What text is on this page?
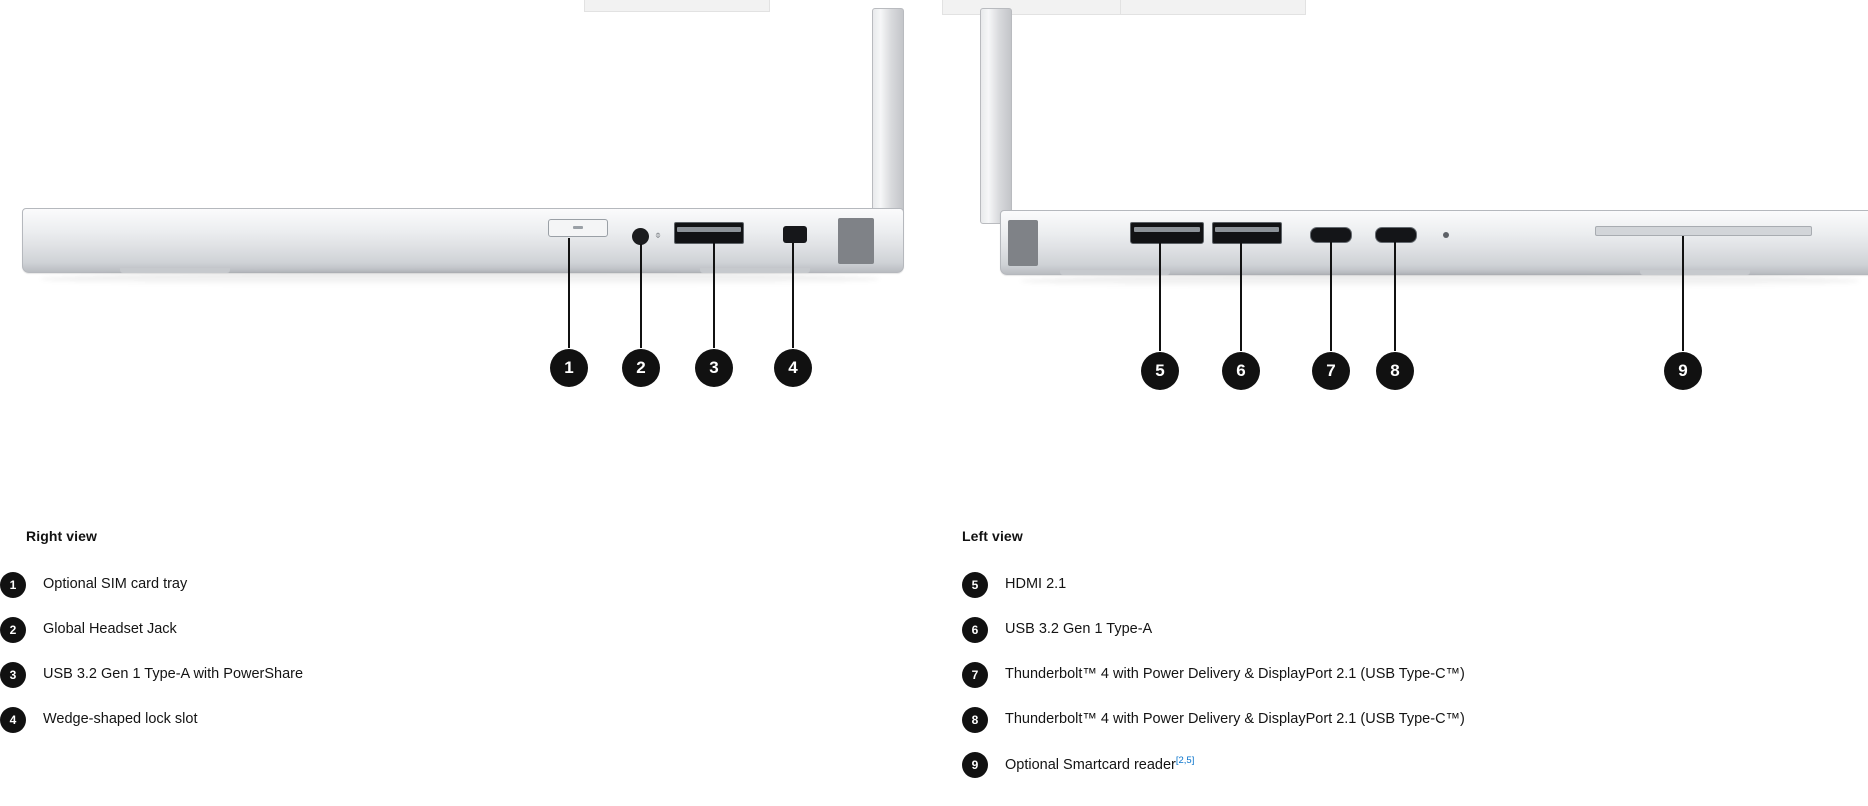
⌽
1	2	3	4	5	6	7	8	9
Right view
1	Optional SIM card tray
2	Global Headset Jack
3	USB 3.2 Gen 1 Type-A with PowerShare
4	Wedge-shaped lock slot
Left view
5	HDMI 2.1
6	USB 3.2 Gen 1 Type-A
7	Thunderbolt™ 4 with Power Delivery & DisplayPort 2.1 (USB Type-C™)
8	Thunderbolt™ 4 with Power Delivery & DisplayPort 2.1 (USB Type-C™)
9	Optional Smartcard reader[2,5]
